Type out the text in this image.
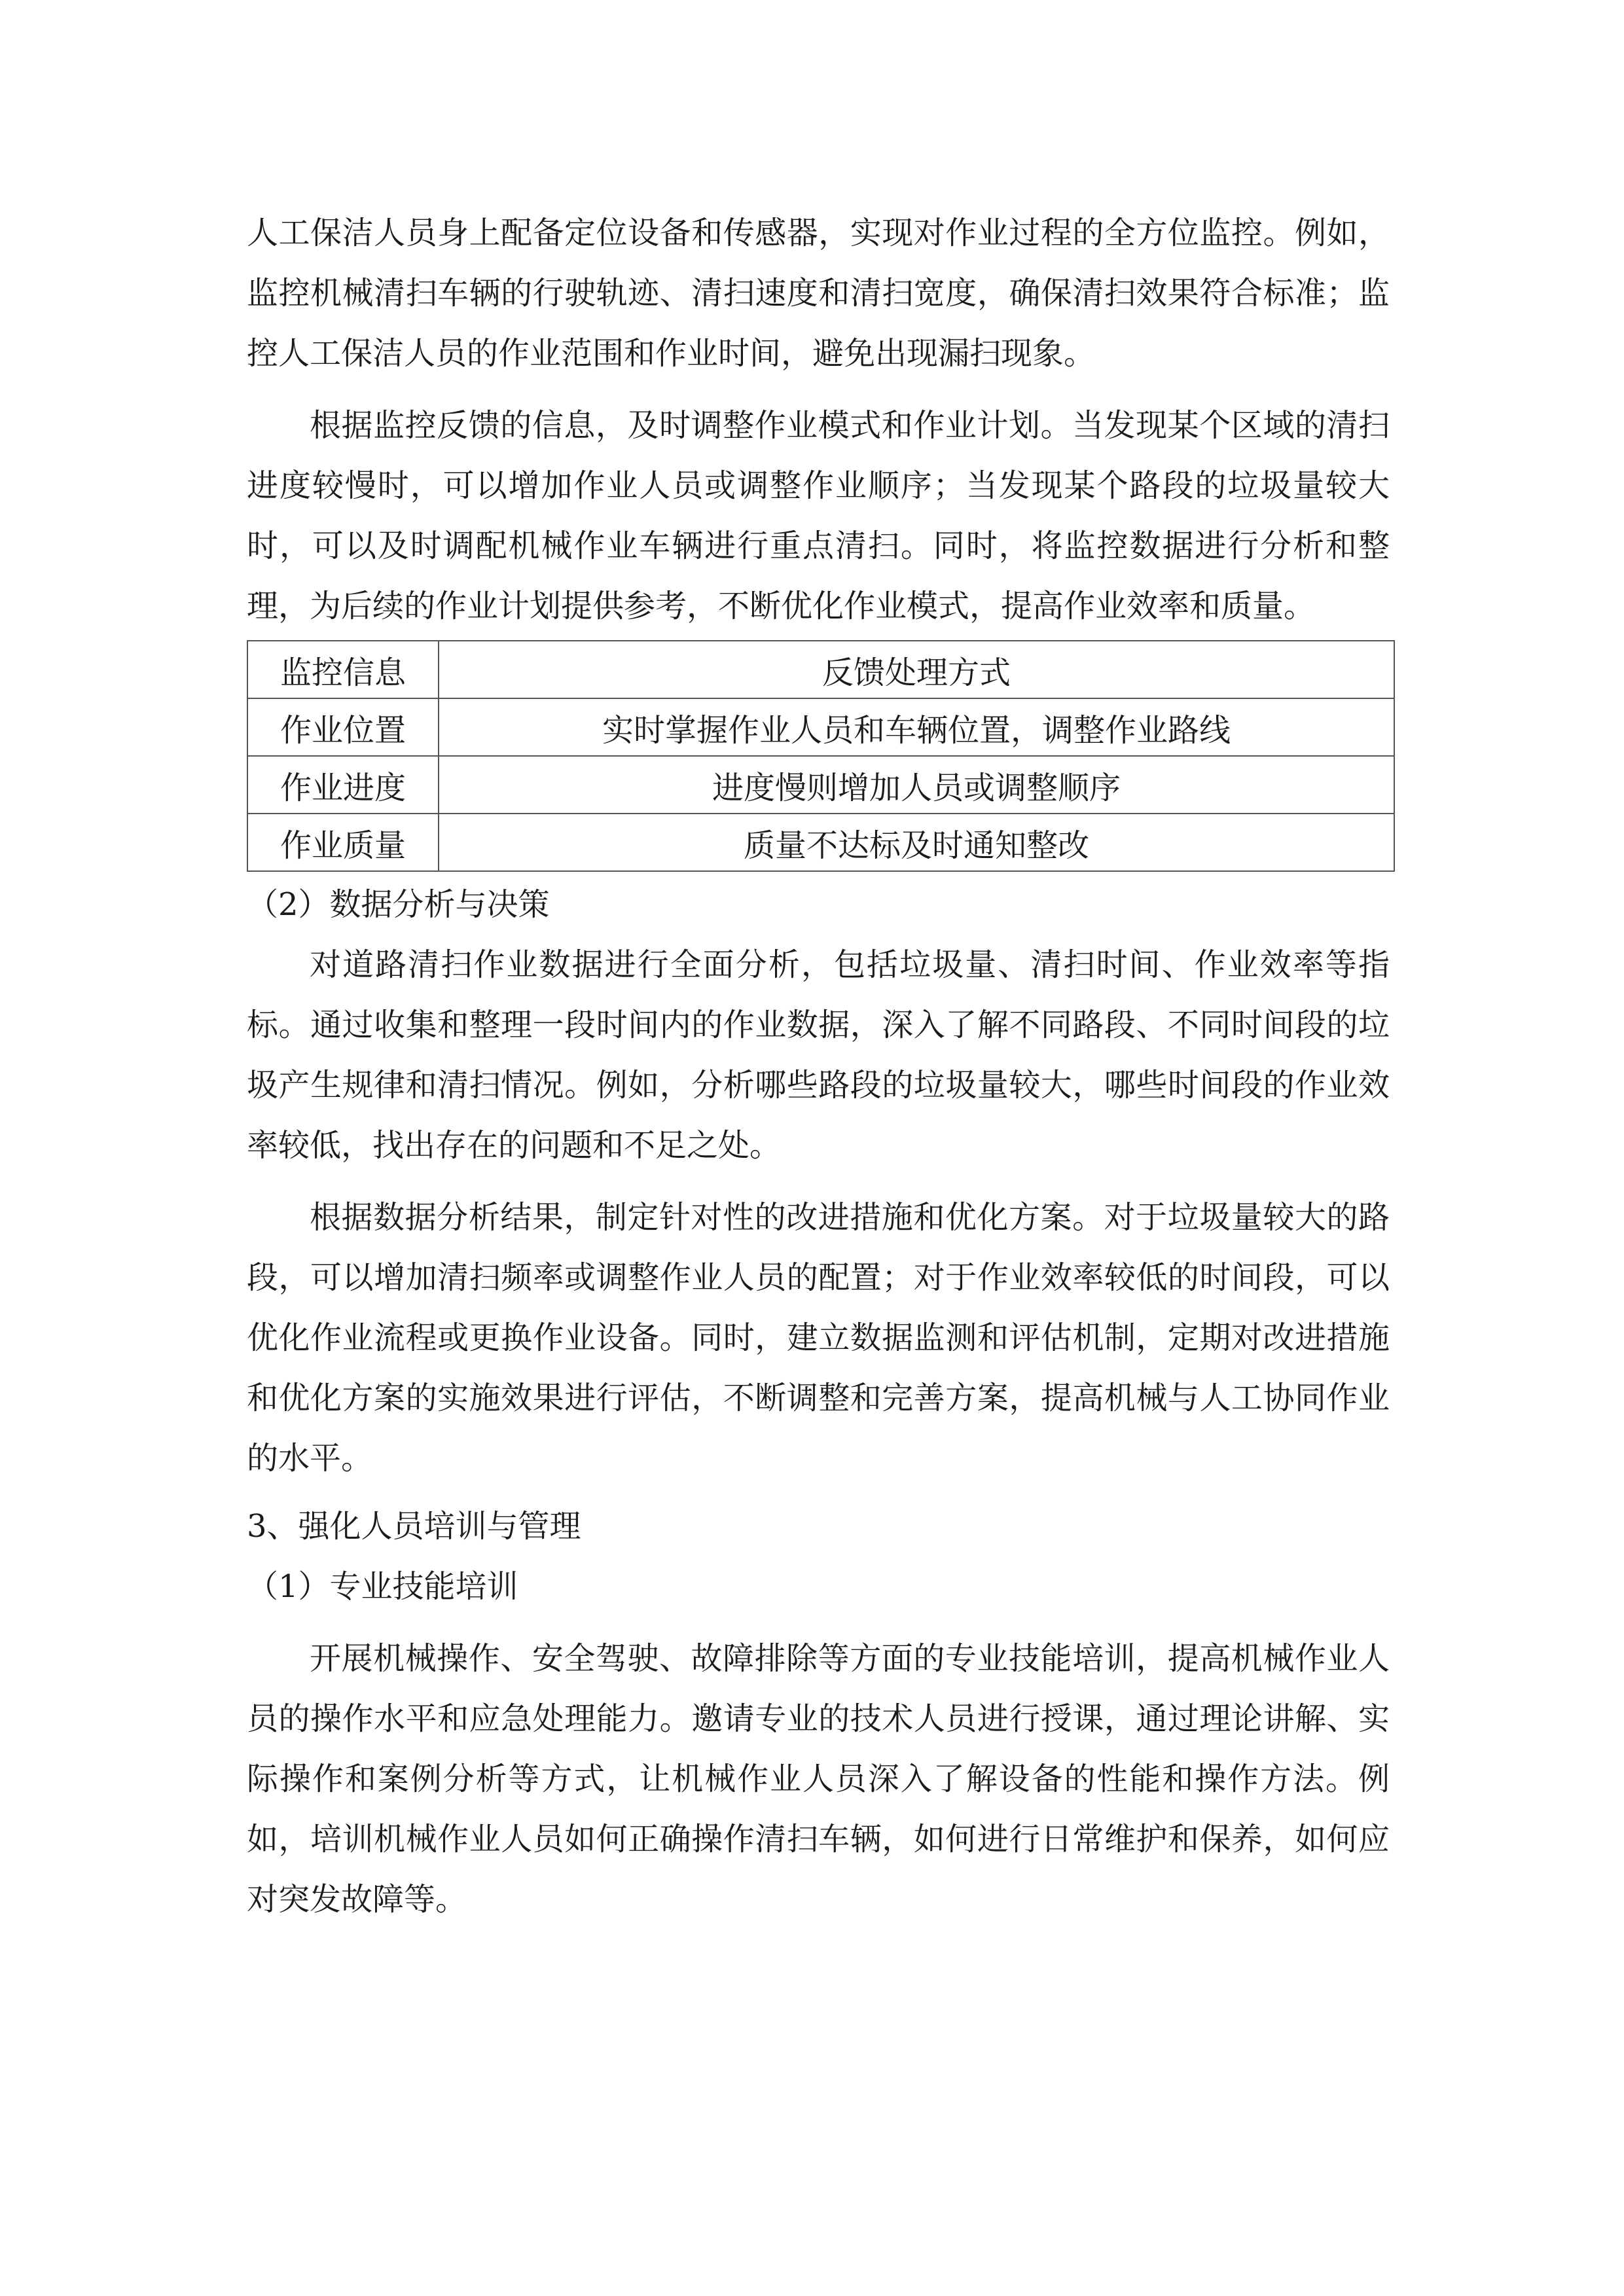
人工保洁人员身上配备定位设备和传感器，实现对作业过程的全方位监控。例如，监控机械清扫车辆的行驶轨迹、清扫速度和清扫宽度，确保清扫效果符合标准；监控人工保洁人员的作业范围和作业时间，避免出现漏扫现象。

根据监控反馈的信息，及时调整作业模式和作业计划。当发现某个区域的清扫进度较慢时，可以增加作业人员或调整作业顺序；当发现某个路段的垃圾量较大时，可以及时调配机械作业车辆进行重点清扫。同时，将监控数据进行分析和整理，为后续的作业计划提供参考，不断优化作业模式，提高作业效率和质量。

监控信息	反馈处理方式
作业位置	实时掌握作业人员和车辆位置，调整作业路线
作业进度	进度慢则增加人员或调整顺序
作业质量	质量不达标及时通知整改

（2）数据分析与决策

对道路清扫作业数据进行全面分析，包括垃圾量、清扫时间、作业效率等指标。通过收集和整理一段时间内的作业数据，深入了解不同路段、不同时间段的垃圾产生规律和清扫情况。例如，分析哪些路段的垃圾量较大，哪些时间段的作业效率较低，找出存在的问题和不足之处。

根据数据分析结果，制定针对性的改进措施和优化方案。对于垃圾量较大的路段，可以增加清扫频率或调整作业人员的配置；对于作业效率较低的时间段，可以优化作业流程或更换作业设备。同时，建立数据监测和评估机制，定期对改进措施和优化方案的实施效果进行评估，不断调整和完善方案，提高机械与人工协同作业的水平。

3、强化人员培训与管理

（1）专业技能培训

开展机械操作、安全驾驶、故障排除等方面的专业技能培训，提高机械作业人员的操作水平和应急处理能力。邀请专业的技术人员进行授课，通过理论讲解、实际操作和案例分析等方式，让机械作业人员深入了解设备的性能和操作方法。例如，培训机械作业人员如何正确操作清扫车辆，如何进行日常维护和保养，如何应对突发故障等。
